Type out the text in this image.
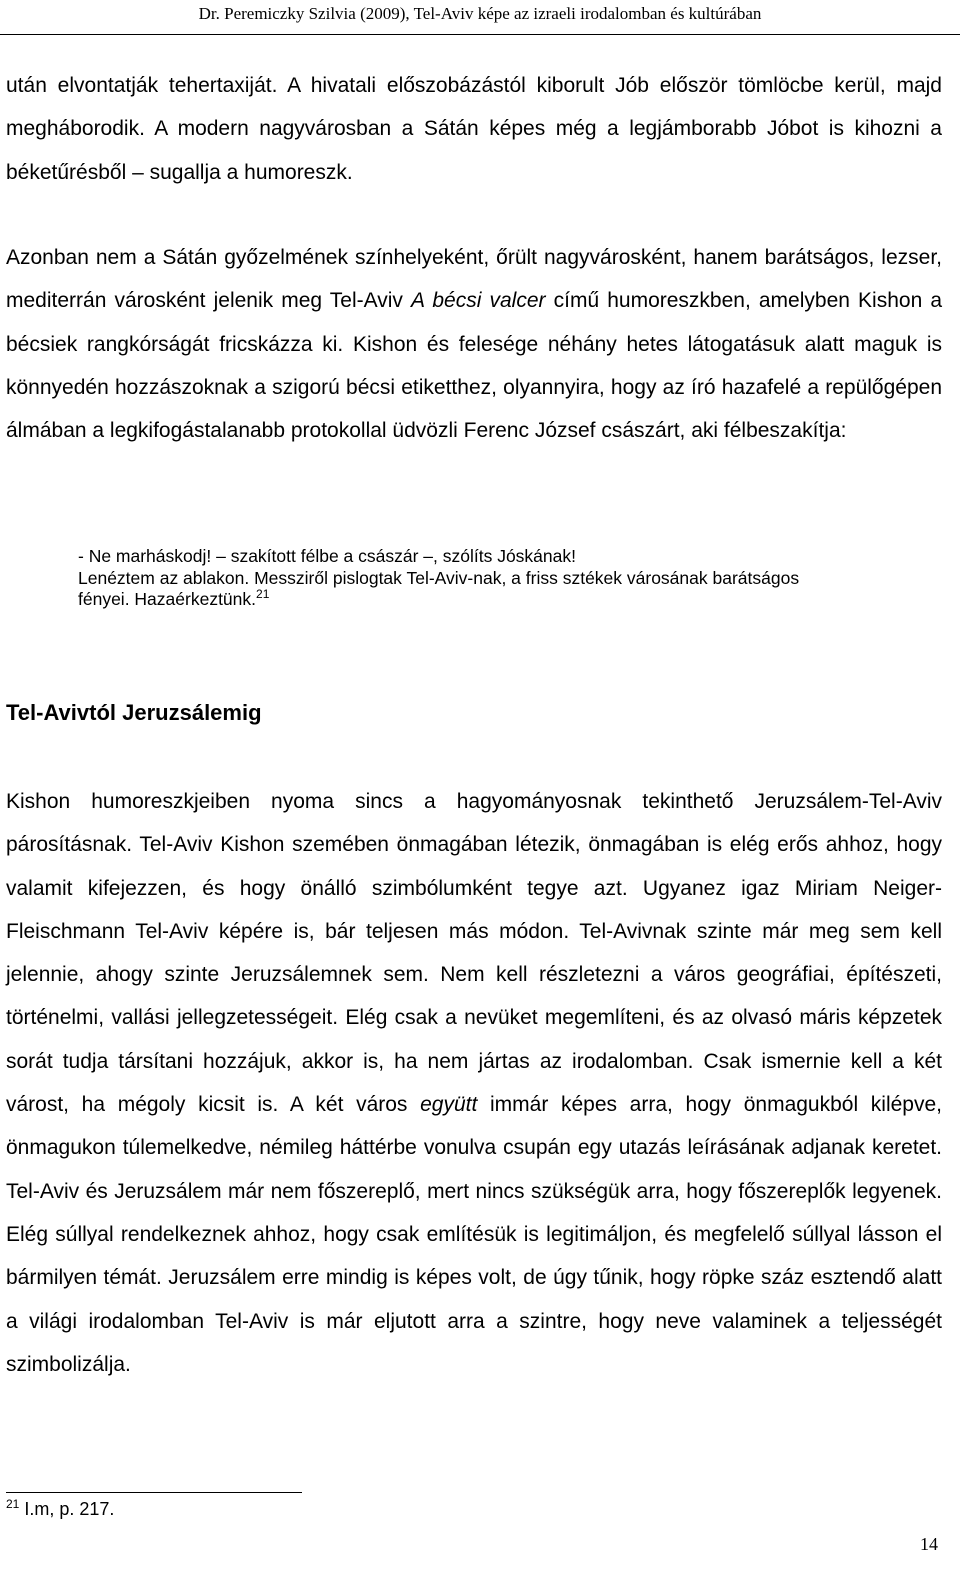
Dr. Peremiczky Szilvia (2009), Tel-Aviv képe az izraeli irodalomban és kultúrában

után elvontatják tehertaxiját. A hivatali előszobázástól kiborult Jób először tömlöcbe kerül, majd megháborodik. A modern nagyvárosban a Sátán képes még a legjámborabb Jóbot is kihozni a béketűrésből – sugallja a humoreszk.

Azonban nem a Sátán győzelmének színhelyeként, őrült nagyvárosként, hanem barátságos, lezser, mediterrán városként jelenik meg Tel-Aviv A bécsi valcer című humoreszkben, amelyben Kishon a bécsiek rangkórságát fricskázza ki. Kishon és felesége néhány hetes látogatásuk alatt maguk is könnyedén hozzászoknak a szigorú bécsi etiketthez, olyannyira, hogy az író hazafelé a repülőgépen álmában a legkifogástalanabb protokollal üdvözli Ferenc József császárt, aki félbeszakítja:

- Ne marháskodj! – szakított félbe a császár –, szólíts Jóskának!
Lenéztem az ablakon. Messziről pislogtak Tel-Aviv-nak, a friss sztékek városának barátságos
fényei. Hazaérkeztünk.$^{21}$
Tel-Avivtól Jeruzsálemig

Kishon humoreszkjeiben nyoma sincs a hagyományosnak tekinthető Jeruzsálem-Tel-Aviv párosításnak. Tel-Aviv Kishon szemében önmagában létezik, önmagában is elég erős ahhoz, hogy valamit kifejezzen, és hogy önálló szimbólumként tegye azt. Ugyanez igaz Miriam Neiger-Fleischmann Tel-Aviv képére is, bár teljesen más módon. Tel-Avivnak szinte már meg sem kell jelennie, ahogy szinte Jeruzsálemnek sem. Nem kell részletezni a város geográfiai, építészeti, történelmi, vallási jellegzetességeit. Elég csak a nevüket megemlíteni, és az olvasó máris képzetek sorát tudja társítani hozzájuk, akkor is, ha nem jártas az irodalomban. Csak ismernie kell a két várost, ha mégoly kicsit is. A két város együtt immár képes arra, hogy önmagukból kilépve, önmagukon túlemelkedve, némileg háttérbe vonulva csupán egy utazás leírásának adjanak keretet. Tel-Aviv és Jeruzsálem már nem főszereplő, mert nincs szükségük arra, hogy főszereplők legyenek. Elég súllyal rendelkeznek ahhoz, hogy csak említésük is legitimáljon, és megfelelő súllyal lásson el bármilyen témát. Jeruzsálem erre mindig is képes volt, de úgy tűnik, hogy röpke száz esztendő alatt a világi irodalomban Tel-Aviv is már eljutott arra a szintre, hogy neve valaminek a teljességét szimbolizálja.

$^{21}$ I.m, p. 217.
14
